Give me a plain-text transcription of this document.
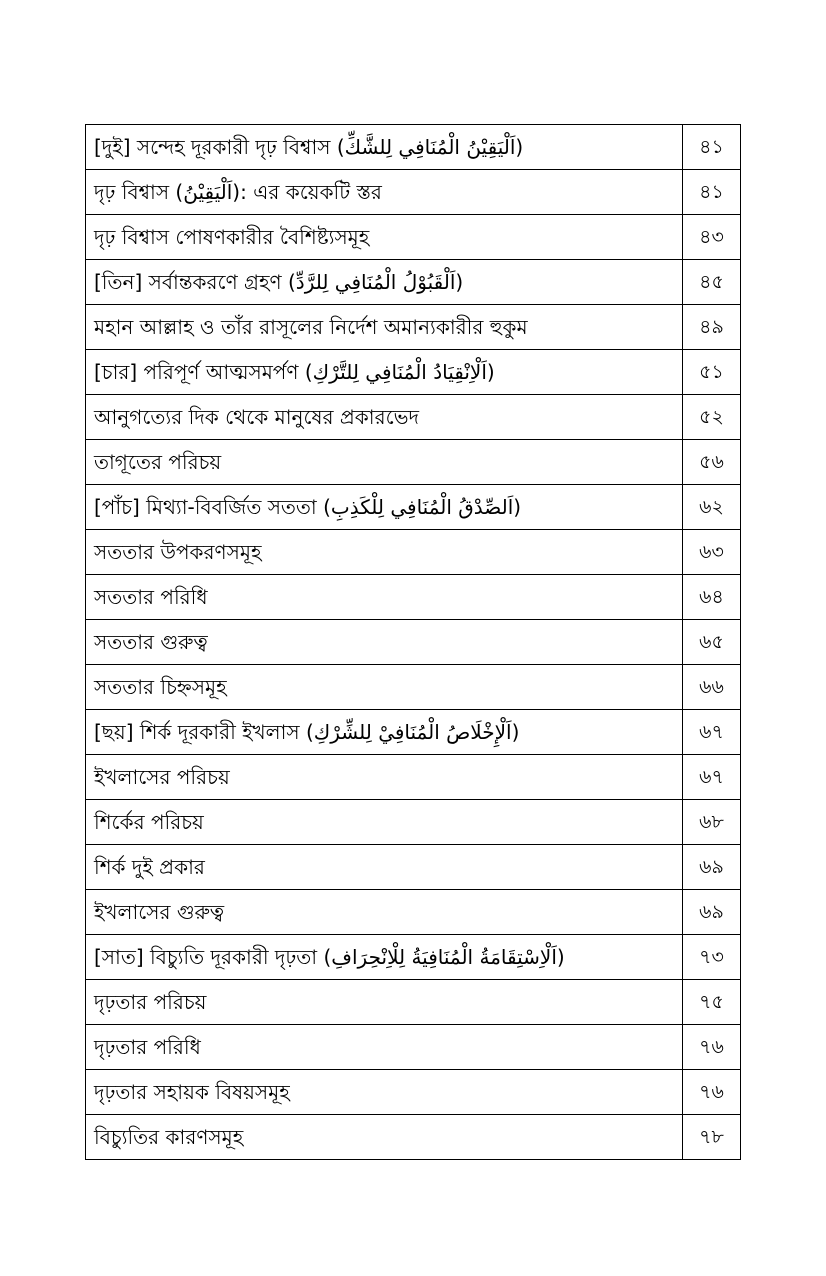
[দুই] সন্দেহ দূরকারী দৃঢ় বিশ্বাস (اَلْيَقِيْنُ الْمُنَافِي لِلشَّكِّ)	৪১
দৃঢ় বিশ্বাস (اَلْيَقِيْنُ): এর কয়েকটি স্তর	৪১
দৃঢ় বিশ্বাস পোষণকারীর বৈশিষ্ট্যসমূহ	৪৩
[তিন] সর্বান্তকরণে গ্রহণ (اَلْقَبُوْلُ الْمُنَافِي لِلرَّدِّ)	৪৫
মহান আল্লাহ ও তাঁর রাসূলের নির্দেশ অমান্যকারীর হুকুম	৪৯
[চার] পরিপূর্ণ আত্মসমর্পণ (اَلْاِنْقِيَادُ الْمُنَافِي لِلتَّرْكِ)	৫১
আনুগত্যের দিক থেকে মানুষের প্রকারভেদ	৫২
তাগূতের পরিচয়	৫৬
[পাঁচ] মিথ্যা-বিবর্জিত সততা (اَلصِّدْقُ الْمُنَافِي لِلْكَذِبِ)	৬২
সততার উপকরণসমূহ	৬৩
সততার পরিধি	৬৪
সততার গুরুত্ব	৬৫
সততার চিহ্নসমূহ	৬৬
[ছয়] শির্ক দূরকারী ইখলাস (اَلْإِخْلَاصُ الْمُنَافِيْ لِلشِّرْكِ)	৬৭
ইখলাসের পরিচয়	৬৭
শির্কের পরিচয়	৬৮
শির্ক দুই প্রকার	৬৯
ইখলাসের গুরুত্ব	৬৯
[সাত] বিচ্যুতি দূরকারী দৃঢ়তা (اَلْاِسْتِقَامَةُ الْمُنَافِيَةُ لِلْاِنْحِرَافِ)	৭৩
দৃঢ়তার পরিচয়	৭৫
দৃঢ়তার পরিধি	৭৬
দৃঢ়তার সহায়ক বিষয়সমূহ	৭৬
বিচ্যুতির কারণসমূহ	৭৮
